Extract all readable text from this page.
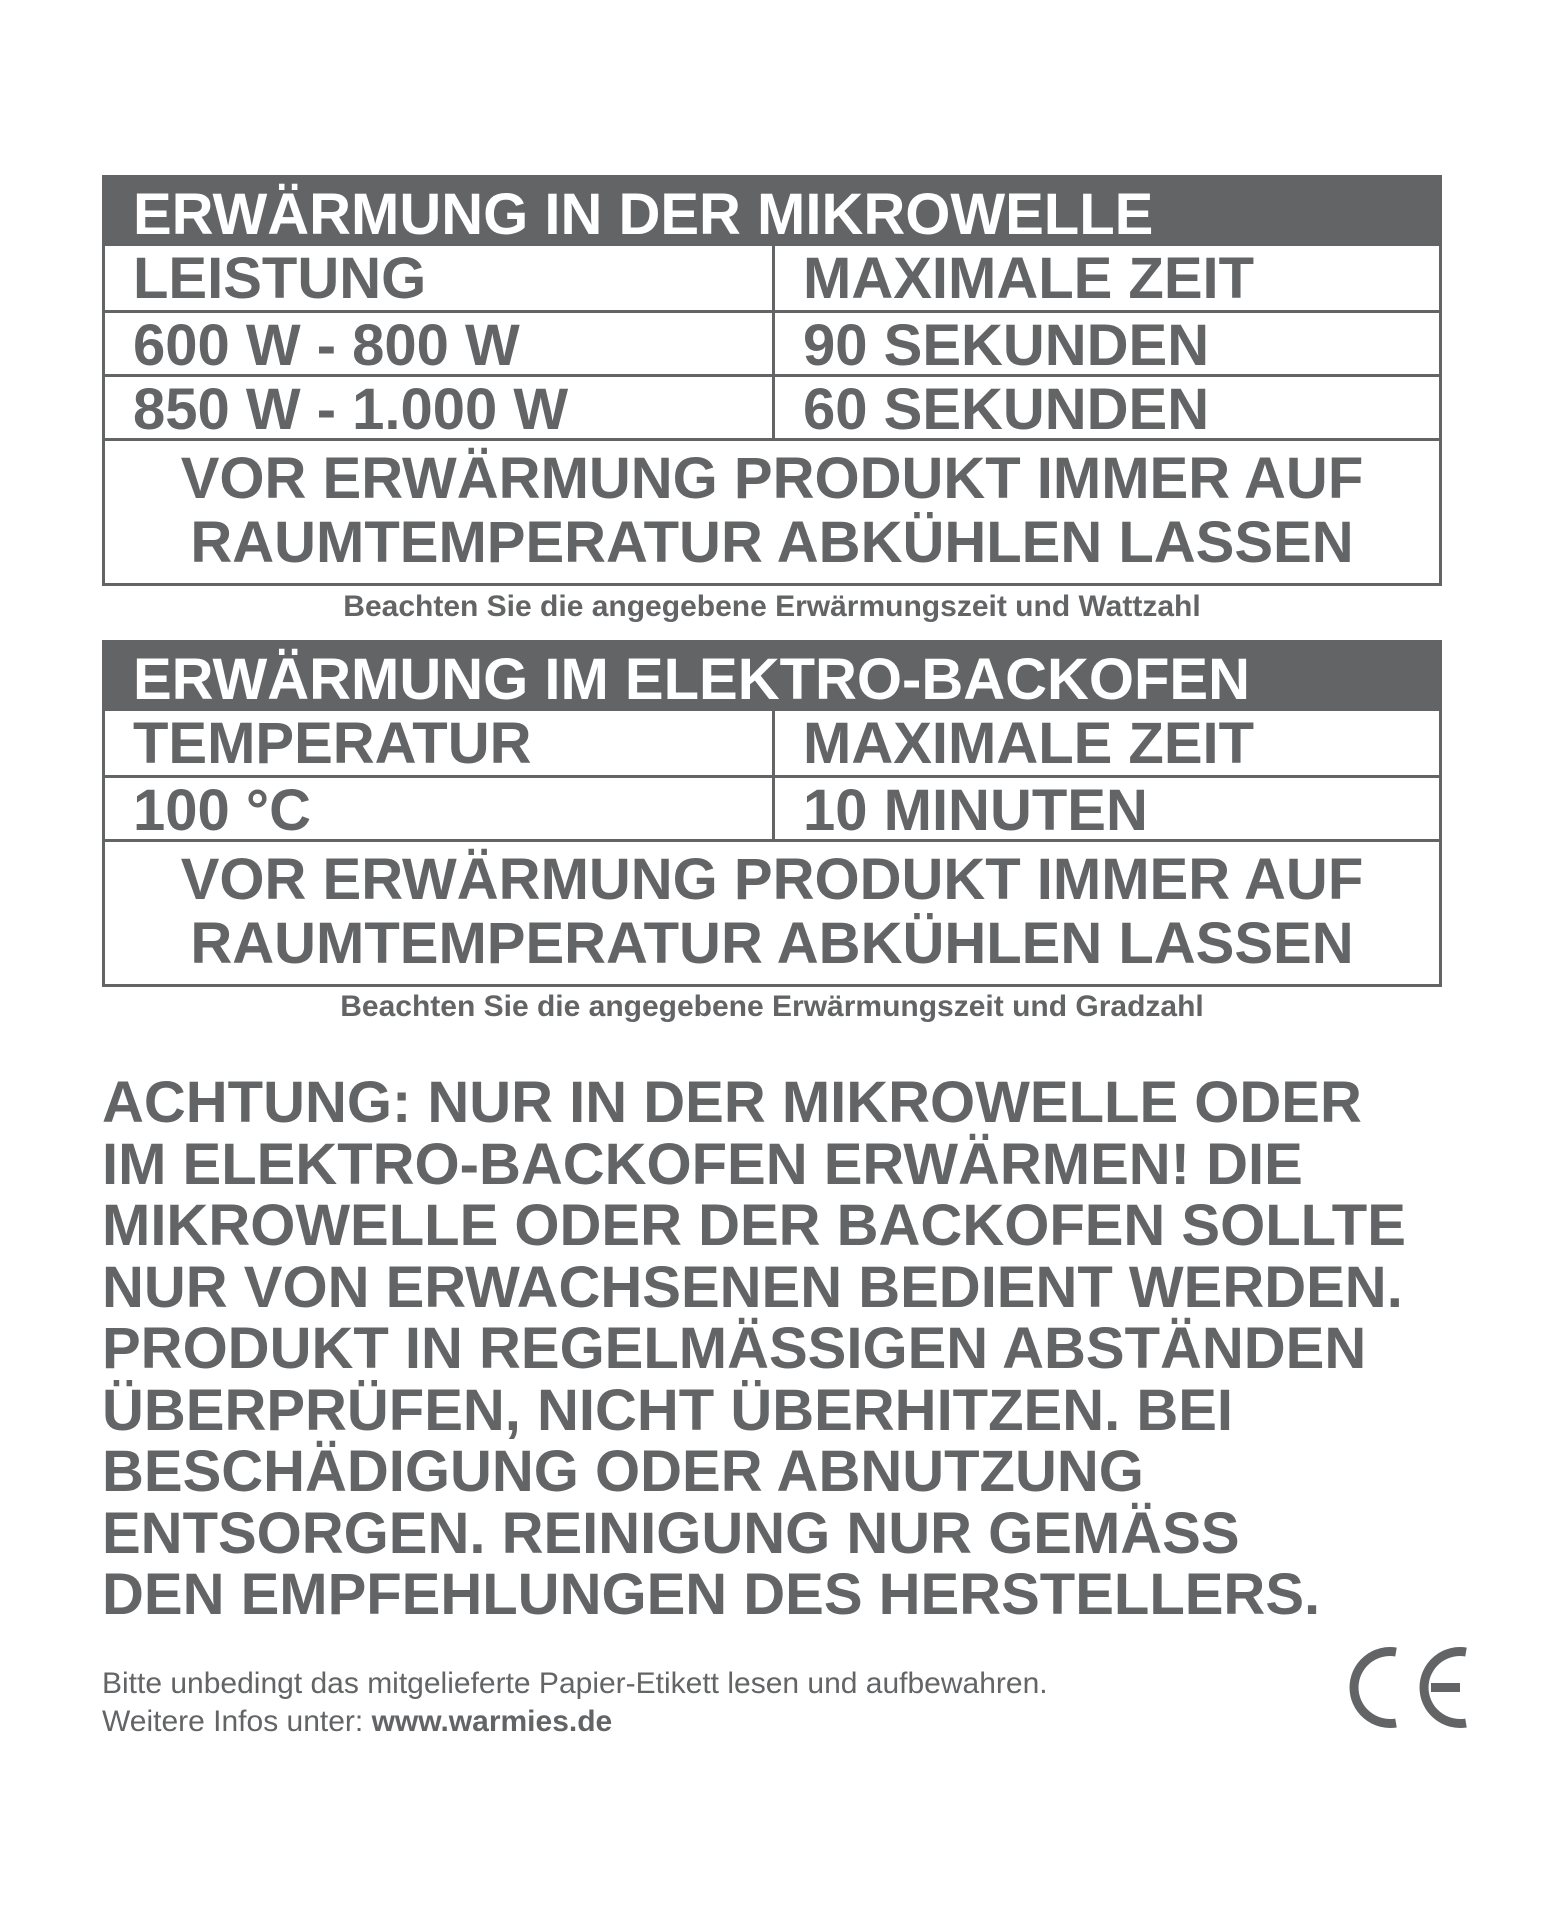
ERWÄRMUNG IN DER MIKROWELLE
LEISTUNG	MAXIMALE ZEIT
600 W - 800 W	90 SEKUNDEN
850 W - 1.000 W	60 SEKUNDEN
VOR ERWÄRMUNG PRODUKT IMMER AUF
RAUMTEMPERATUR ABKÜHLEN LASSEN
Beachten Sie die angegebene Erwärmungszeit und Wattzahl
ERWÄRMUNG IM ELEKTRO-BACKOFEN
TEMPERATUR	MAXIMALE ZEIT
100 °C	10 MINUTEN
VOR ERWÄRMUNG PRODUKT IMMER AUF
RAUMTEMPERATUR ABKÜHLEN LASSEN
Beachten Sie die angegebene Erwärmungszeit und Gradzahl
ACHTUNG: NUR IN DER MIKROWELLE ODER
IM ELEKTRO-BACKOFEN ERWÄRMEN! DIE
MIKROWELLE ODER DER BACKOFEN SOLLTE
NUR VON ERWACHSENEN BEDIENT WERDEN.
PRODUKT IN REGELMÄSSIGEN ABSTÄNDEN
ÜBERPRÜFEN, NICHT ÜBERHITZEN. BEI
BESCHÄDIGUNG ODER ABNUTZUNG
ENTSORGEN. REINIGUNG NUR GEMÄSS
DEN EMPFEHLUNGEN DES HERSTELLERS.
Bitte unbedingt das mitgelieferte Papier-Etikett lesen und aufbewahren.
Weitere Infos unter: www.warmies.de
